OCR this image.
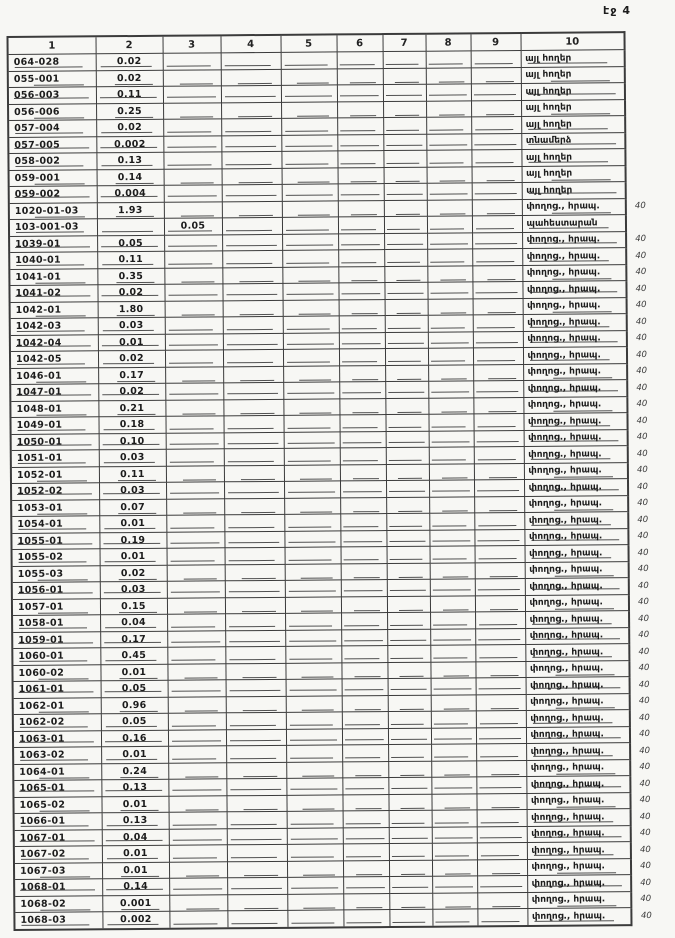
էջ 4
1	2	3	4	5	6	7	8	9	10	
064-028	0.02								այլ հողեր	
055-001	0.02								այլ հողեր	
056-003	0.11								այլ հողեր	
056-006	0.25								այլ հողեր	
057-004	0.02								այլ հողեր	
057-005	0.002								տնամերձ	
058-002	0.13								այլ հողեր	
059-001	0.14								այլ հողեր	
059-002	0.004								այլ հողեր	
1020-01-03	1.93								փողոց., հրապ.	40
103-001-03		0.05							պահեստարան	
1039-01	0.05								փողոց., հրապ.	40
1040-01	0.11								փողոց., հրապ.	40
1041-01	0.35								փողոց., հրապ.	40
1041-02	0.02								փողոց., հրապ.	40
1042-01	1.80								փողոց., հրապ.	40
1042-03	0.03								փողոց., հրապ.	40
1042-04	0.01								փողոց., հրապ.	40
1042-05	0.02								փողոց., հրապ.	40
1046-01	0.17								փողոց., հրապ.	40
1047-01	0.02								փողոց., հրապ.	40
1048-01	0.21								փողոց., հրապ.	40
1049-01	0.18								փողոց., հրապ.	40
1050-01	0.10								փողոց., հրապ.	40
1051-01	0.03								փողոց., հրապ.	40
1052-01	0.11								փողոց., հրապ.	40
1052-02	0.03								փողոց., հրապ.	40
1053-01	0.07								փողոց., հրապ.	40
1054-01	0.01								փողոց., հրապ.	40
1055-01	0.19								փողոց., հրապ.	40
1055-02	0.01								փողոց., հրապ.	40
1055-03	0.02								փողոց., հրապ.	40
1056-01	0.03								փողոց., հրապ.	40
1057-01	0.15								փողոց., հրապ.	40
1058-01	0.04								փողոց., հրապ.	40
1059-01	0.17								փողոց., հրապ.	40
1060-01	0.45								փողոց., հրապ.	40
1060-02	0.01								փողոց., հրապ.	40
1061-01	0.05								փողոց., հրապ.	40
1062-01	0.96								փողոց., հրապ.	40
1062-02	0.05								փողոց., հրապ.	40
1063-01	0.16								փողոց., հրապ.	40
1063-02	0.01								փողոց., հրապ.	40
1064-01	0.24								փողոց., հրապ.	40
1065-01	0.13								փողոց., հրապ.	40
1065-02	0.01								փողոց., հրապ.	40
1066-01	0.13								փողոց., հրապ.	40
1067-01	0.04								փողոց., հրապ.	40
1067-02	0.01								փողոց., հրապ.	40
1067-03	0.01								փողոց., հրապ.	40
1068-01	0.14								փողոց., հրապ.	40
1068-02	0.001								փողոց., հրապ.	40
1068-03	0.002								փողոց., հրապ.	40
